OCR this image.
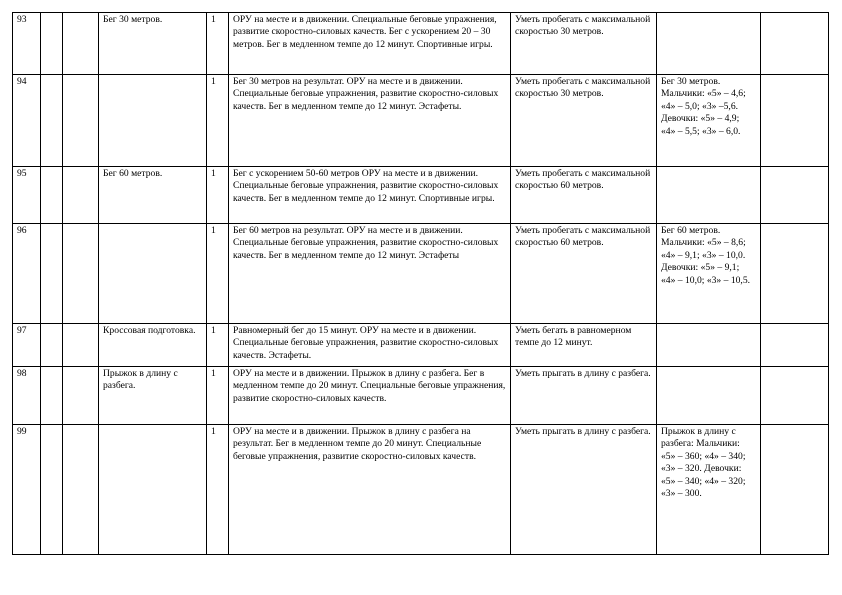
93			Бег 30 метров.	1	ОРУ на месте и в движении. Специальные беговые упражнения, развитие скоростно-силовых качеств. Бег с ускорением 20 – 30 метров. Бег в медленном темпе до 12 минут. Спортивные игры.	Уметь пробегать с максимальной скоростью 30 метров.		
94				1	Бег 30 метров на результат. ОРУ на месте и в движении. Специальные беговые упражнения, развитие скоростно-силовых качеств. Бег в медленном темпе до 12 минут. Эстафеты.	Уметь пробегать с максимальной скоростью 30 метров.	Бег 30 метров. Мальчики: «5» – 4,6; «4» – 5,0; «3» –5,6. Девочки: «5» – 4,9; «4» – 5,5; «3» – 6,0.	
95			Бег 60 метров.	1	Бег с ускорением 50-60 метров ОРУ на месте и в движении. Специальные беговые упражнения, развитие скоростно-силовых качеств. Бег в медленном темпе до 12 минут. Спортивные игры.	Уметь пробегать с максимальной скоростью 60 метров.		
96				1	Бег 60 метров на результат. ОРУ на месте и в движении. Специальные беговые упражнения, развитие скоростно-силовых качеств. Бег в медленном темпе до 12 минут. Эстафеты	Уметь пробегать с максимальной скоростью 60 метров.	Бег 60 метров. Мальчики: «5» – 8,6; «4» – 9,1; «3» – 10,0. Девочки: «5» – 9,1; «4» – 10,0; «3» – 10,5.	
97			Кроссовая подготовка.	1	Равномерный бег до 15 минут. ОРУ на месте и в движении. Специальные беговые упражнения, развитие скоростно-силовых качеств. Эстафеты.	Уметь бегать в равномерном темпе до 12 минут.		
98			Прыжок в длину с разбега.	1	ОРУ на месте и в движении. Прыжок в длину с разбега. Бег в медленном темпе до 20 минут. Специальные беговые упражнения, развитие скоростно-силовых качеств.	Уметь прыгать в длину с разбега.		
99				1	ОРУ на месте и в движении. Прыжок в длину с разбега на результат. Бег в медленном темпе до 20 минут. Специальные беговые упражнения, развитие скоростно-силовых качеств.	Уметь прыгать в длину с разбега.	Прыжок в длину с разбега: Мальчики: «5» – 360; «4» – 340; «3» – 320. Девочки: «5» – 340; «4» – 320; «3» – 300.	
